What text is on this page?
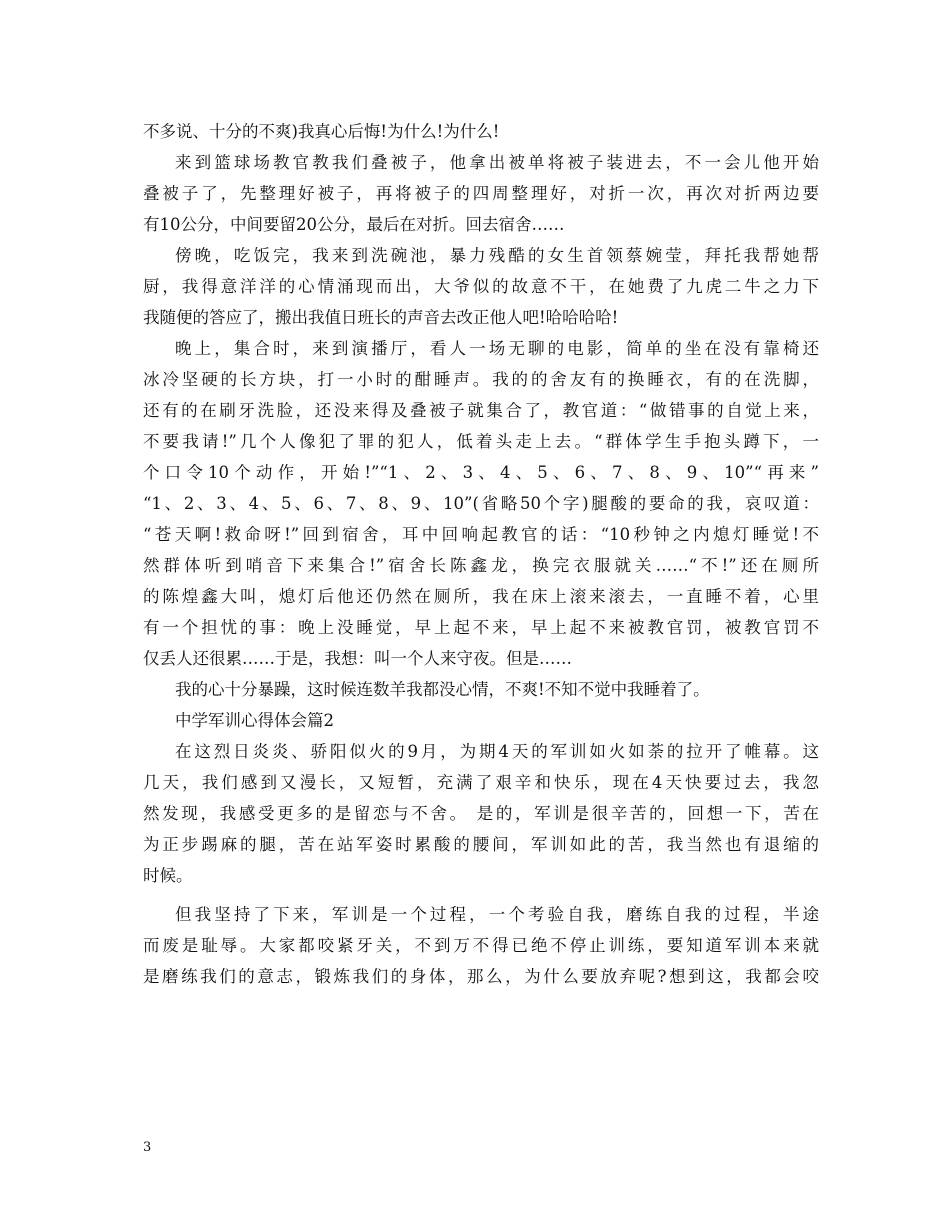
不多说、十分的不爽)我真心后悔!为什么!为什么!
来到篮球场教官教我们叠被子，他拿出被单将被子装进去，不一会儿他开始
叠被子了，先整理好被子，再将被子的四周整理好，对折一次，再次对折两边要
有10公分，中间要留20公分，最后在对折。回去宿舍……
傍晚，吃饭完，我来到洗碗池，暴力残酷的女生首领蔡婉莹，拜托我帮她帮
厨，我得意洋洋的心情涌现而出，大爷似的故意不干，在她费了九虎二牛之力下
我随便的答应了，搬出我值日班长的声音去改正他人吧!哈哈哈哈!
晚上，集合时，来到演播厅，看人一场无聊的电影，简单的坐在没有靠椅还
冰冷坚硬的长方块，打一小时的酣睡声。我的的舍友有的换睡衣，有的在洗脚，
还有的在刷牙洗脸，还没来得及叠被子就集合了，教官道：“做错事的自觉上来，
不要我请!”几个人像犯了罪的犯人，低着头走上去。“群体学生手抱头蹲下，一
个口令10个动作，开始!”“1、2、3、4、5、6、7、8、9、10”“再来”
“1、2、3、4、5、6、7、8、9、10”(省略50个字)腿酸的要命的我，哀叹道：
“苍天啊!救命呀!”回到宿舍，耳中回响起教官的话：“10秒钟之内熄灯睡觉!不
然群体听到哨音下来集合!”宿舍长陈鑫龙，换完衣服就关……“不!”还在厕所
的陈煌鑫大叫，熄灯后他还仍然在厕所，我在床上滚来滚去，一直睡不着，心里
有一个担忧的事：晚上没睡觉，早上起不来，早上起不来被教官罚，被教官罚不
仅丢人还很累……于是，我想：叫一个人来守夜。但是……
我的心十分暴躁，这时候连数羊我都没心情，不爽!不知不觉中我睡着了。
中学军训心得体会篇2
在这烈日炎炎、骄阳似火的9月，为期4天的军训如火如荼的拉开了帷幕。这
几天，我们感到又漫长，又短暂，充满了艰辛和快乐，现在4天快要过去，我忽
然发现，我感受更多的是留恋与不舍。 是的，军训是很辛苦的，回想一下，苦在
为正步踢麻的腿，苦在站军姿时累酸的腰间，军训如此的苦，我当然也有退缩的
时候。
但我坚持了下来，军训是一个过程，一个考验自我，磨练自我的过程，半途
而废是耻辱。大家都咬紧牙关，不到万不得已绝不停止训练，要知道军训本来就
是磨练我们的意志，锻炼我们的身体，那么，为什么要放弃呢?想到这，我都会咬
3
